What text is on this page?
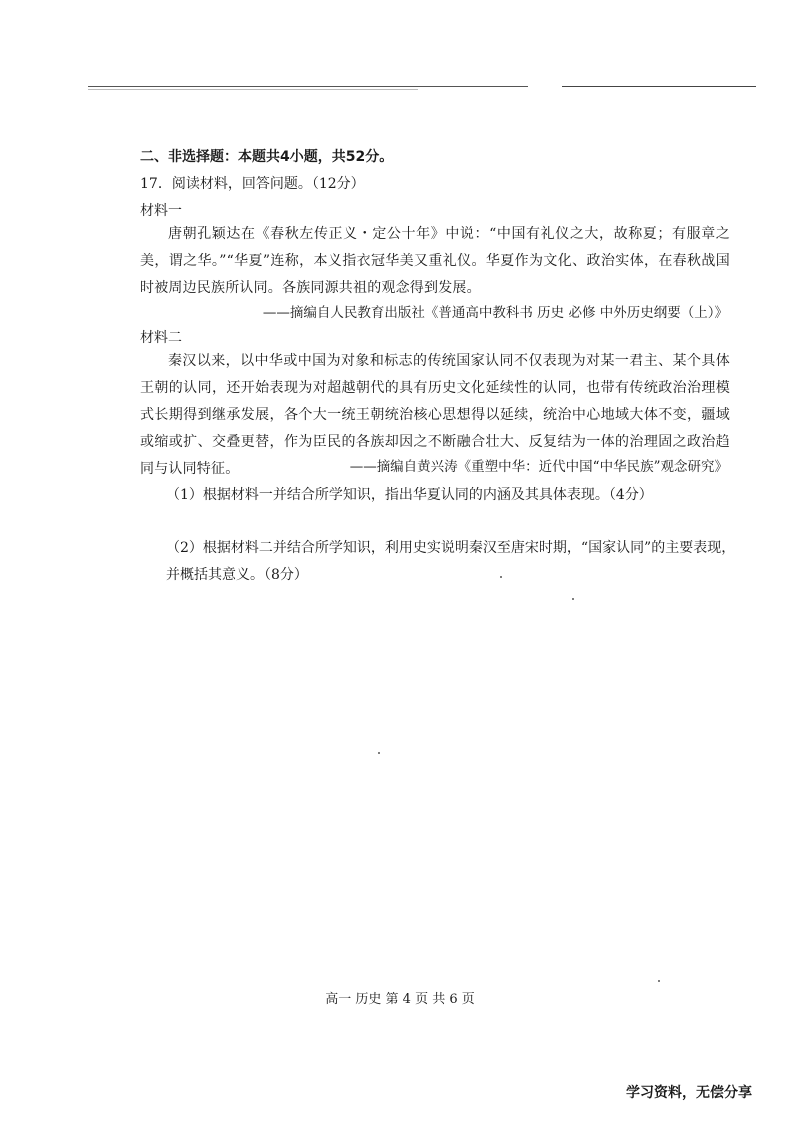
二、非选择题：本题共4小题，共52分。
17．阅读材料，回答问题。（12分）
材料一
唐朝孔颖达在《春秋左传正义・定公十年》中说：“中国有礼仪之大，故称夏；有服章之美，谓之华。”“华夏”连称，本义指衣冠华美又重礼仪。华夏作为文化、政治实体，在春秋战国时被周边民族所认同。各族同源共祖的观念得到发展。
——摘编自人民教育出版社《普通高中教科书 历史 必修 中外历史纲要（上）》
材料二
秦汉以来，以中华或中国为对象和标志的传统国家认同不仅表现为对某一君主、某个具体王朝的认同，还开始表现为对超越朝代的具有历史文化延续性的认同，也带有传统政治治理模式长期得到继承发展，各个大一统王朝统治核心思想得以延续，统治中心地域大体不变，疆域或缩或扩、交叠更替，作为臣民的各族却因之不断融合壮大、反复结为一体的治理固之政治趋同与认同特征。	——摘编自黄兴涛《重塑中华：近代中国“中华民族”观念研究》
（1）根据材料一并结合所学知识，指出华夏认同的内涵及其具体表现。（4分）
（2）根据材料二并结合所学知识，利用史实说明秦汉至唐宋时期，“国家认同”的主要表现，并概括其意义。（8分）
高一 历史 第 4 页 共 6 页
学习资料，无偿分享
